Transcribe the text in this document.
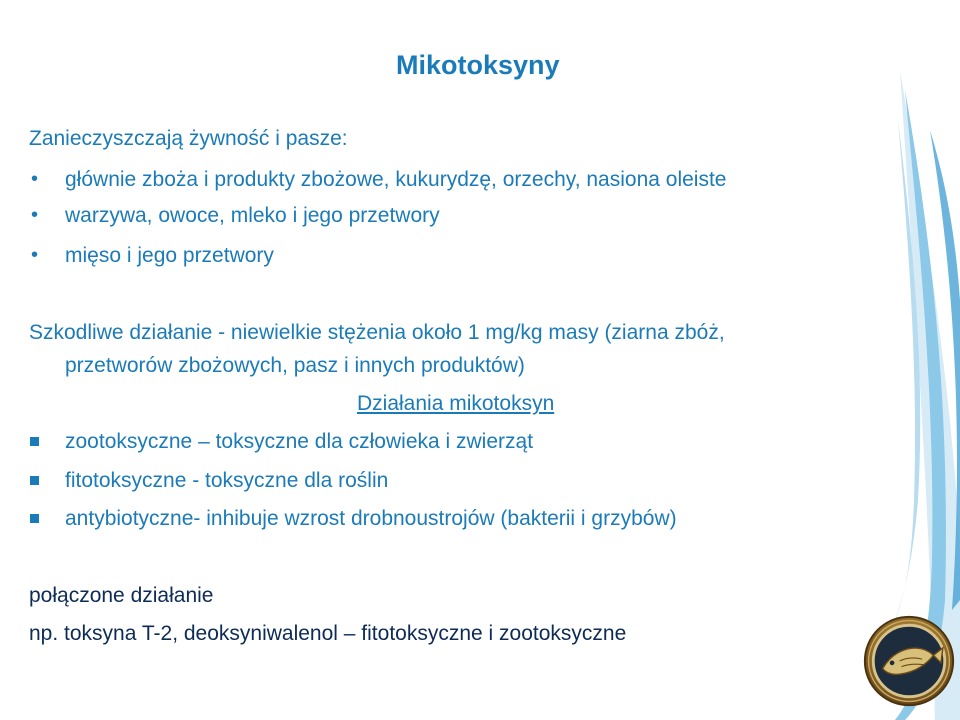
Mikotoksyny
Zanieczyszczają żywność i pasze:
• głównie zboża i produkty zbożowe, kukurydzę, orzechy, nasiona oleiste
• warzywa, owoce, mleko i jego przetwory
• mięso i jego przetwory
Szkodliwe działanie - niewielkie stężenia około 1 mg/kg masy (ziarna zbóż,
przetworów zbożowych, pasz i innych produktów)
Działania mikotoksyn
zootoksyczne – toksyczne dla człowieka i zwierząt
fitotoksyczne - toksyczne dla roślin
antybiotyczne- inhibuje wzrost drobnoustrojów (bakterii i grzybów)
połączone działanie
np. toksyna T-2, deoksyniwalenol – fitotoksyczne i zootoksyczne
